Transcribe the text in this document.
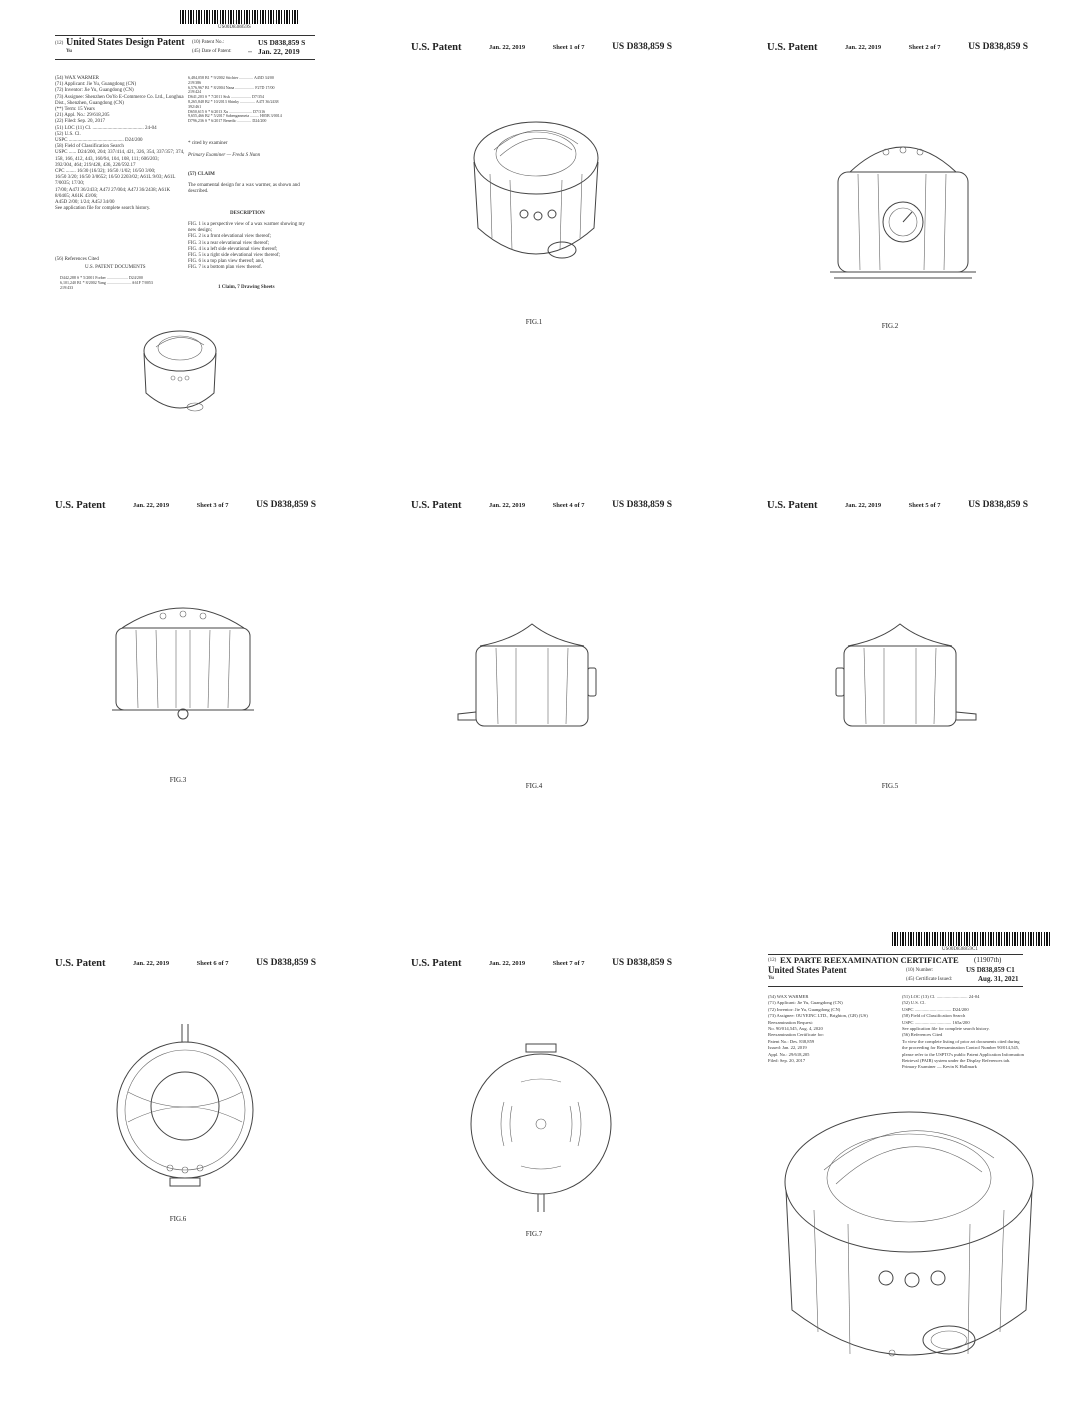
US00D838859S
(12) United States Design Patent
Yu
(10) Patent No.:	US D838,859 S
(45) Date of Patent:	** Jan. 22, 2019
(54) WAX WARMER
(71) Applicant: Jie Yu, Guangdong (CN)
(72) Inventor: Jie Yu, Guangdong (CN)
(73) Assignee: Shenzhen OoYo E-Commerce Co. Ltd., Longhua Dist., Shenzhen, Guangdong (CN)
(**) Term: 15 Years
(21) Appl. No.: 29/618,205
(22) Filed: Sep. 20, 2017
(51) LOC (11) Cl. ......................................... 24-04
(52) U.S. Cl.
USPC ............................................ D24/200
(58) Field of Classification Search
USPC ...... D24/200, 204; 337/414, 421, 326, 354, 337/357; 374, 158, 166, 412, 443, 160/94, 104, 108, 111; 606/203;
392/304, 464; 219/428, 436, 220/592.17
CPC ........ 16/30 (16/32); 16/50 /1/02; 16/50 3/00;
16/50 3/20; 16/50 3/0652; 16/50 2203/02; A61L 9/03; A61L 7/0035; 17/30;
17/00; A47J 36/2433; A47J 27/004; A47J 36/2438; A61K 8/0465; A61K 43/06;
A45D 2/00; 1/24; A45J 34/00
See application file for complete search history.
(56) References Cited
U.S. PATENT DOCUMENTS
D442,288 S * 5/2001 Forber ..................... D24/200
6,101,240 B1 * 8/2002 Yang ........................ A61F 7/0053
219/433
6,484,058 B1 * 9/2002 Stichter .............. A45D 34/00
219/386
6,576,967 B1 * 8/2004 Nana ................... F27D 17/00
219/424
D641,203 S * 7/2011 Sisk .................... D7/354
8,265,848 B2 * 10/2013 Shinky ............... A47J 36/2438
392/461
D650,615 S * 6/2013 Xu ....................... D7/316
9,655,466 B2 * 5/2017 Sabenganmeta ......... H05B 3/0014
D796,236 S * 6/2017 Benedic .............. D24/200
* cited by examiner
Primary Examiner — Freda S Nunn
(57) CLAIM
The ornamental design for a wax warmer, as shown and described.
DESCRIPTION
FIG. 1 is a perspective view of a wax warmer showing my new design;
FIG. 2 is a front elevational view thereof;
FIG. 3 is a rear elevational view thereof;
FIG. 4 is a left side elevational view thereof;
FIG. 5 is a right side elevational view thereof;
FIG. 6 is a top plan view thereof; and,
FIG. 7 is a bottom plan view thereof.
1 Claim, 7 Drawing Sheets
U.S. Patent	Jan. 22, 2019	Sheet 1 of 7	US D838,859 S
FIG.1
U.S. Patent	Jan. 22, 2019	Sheet 2 of 7	US D838,859 S
FIG.2
U.S. Patent	Jan. 22, 2019	Sheet 3 of 7	US D838,859 S
FIG.3
U.S. Patent	Jan. 22, 2019	Sheet 4 of 7	US D838,859 S
FIG.4
U.S. Patent	Jan. 22, 2019	Sheet 5 of 7	US D838,859 S
FIG.5
U.S. Patent	Jan. 22, 2019	Sheet 6 of 7	US D838,859 S
FIG.6
U.S. Patent	Jan. 22, 2019	Sheet 7 of 7	US D838,859 S
FIG.7
US00D838859C1
(12) EX PARTE REEXAMINATION CERTIFICATE (11907th)
United States Patent
Yu
(10) Number:	US D838,859 C1
(45) Certificate Issued:	Aug. 31, 2021
(54) WAX WARMER
(71) Applicant: Jie Yu, Guangdong (CN)
(72) Inventor: Jie Yu, Guangdong (CN)
(73) Assignee: OUYEINC LTD., Brighton, (GB) (US)
Reexamination Request:
No. 90/014,545, Aug. 4, 2020
Reexamination Certificate for:
Patent No.: Des. 838,859
Issued: Jan. 22, 2019
Appl. No.: 29/618,205
Filed: Sep. 20, 2017
(51) LOC (13) Cl. ........................... 24-04
(52) U.S. Cl.
USPC ................................ D24/200
(58) Field of Classification Search
USPC ................................ 165a/200
See application file for complete search history.
(56) References Cited
To view the complete listing of prior art documents cited during the proceeding for Reexamination Control Number 90/014,545, please refer to the USPTO's public Patent Application Information Retrieval (PAIR) system under the Display References tab.
Primary Examiner — Kevin K Hallmark
